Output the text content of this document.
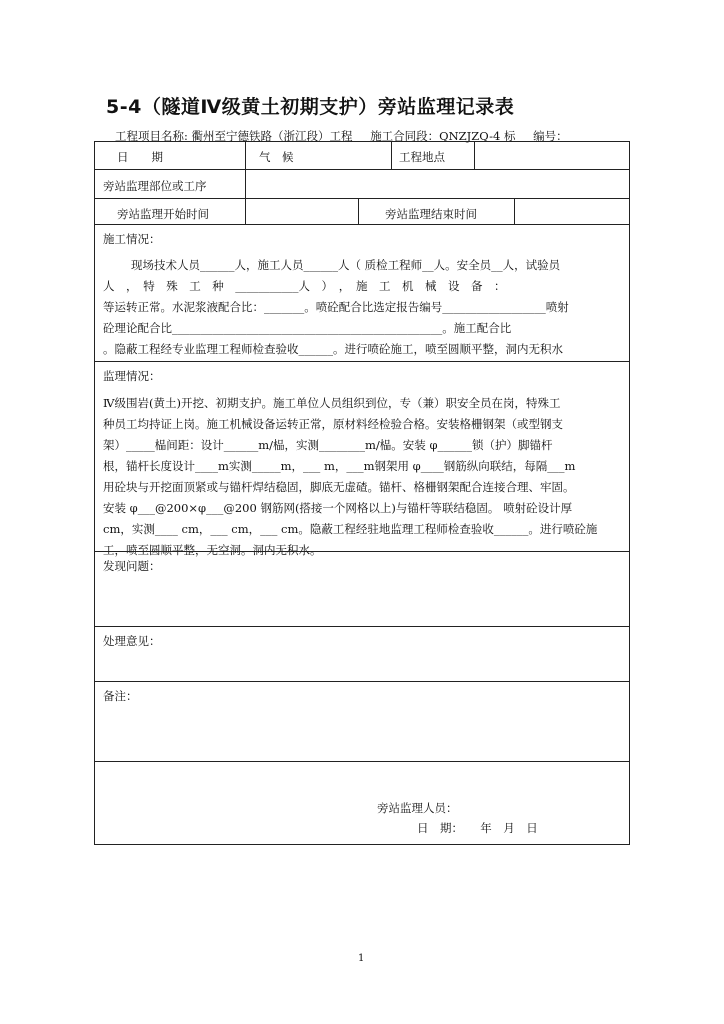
5-4（隧道Ⅳ级黄土初期支护）旁站监理记录表
工程项目名称: 衢州至宁德铁路（浙江段）工程 施工合同段：QNZJZQ-4 标 编号：
日　　期	气　候	工程地点
旁站监理部位或工序
旁站监理开始时间	旁站监理结束时间
施工情况：

现场技术人员______人，施工人员______人（ 质检工程师__人。安全员__人，试验员

人　，　特　殊　工　种　___________人　）　，　施　工　机　械　设　备　：

等运转正常。水泥浆液配合比：_______。喷砼配合比选定报告编号__________________喷射

砼理论配合比_______________________________________________。施工配合比

。隐蔽工程经专业监理工程师检查验收______。进行喷砼施工，喷至圆顺平整，洞内无积水

监理情况：

Ⅳ级围岩(黄土)开挖、初期支护。施工单位人员组织到位，专（兼）职安全员在岗，特殊工

种员工均持证上岗。施工机械设备运转正常，原材料经检验合格。安装格栅钢架（或型钢支

架）_____榀间距：设计______m/榀，实测________m/榀。安装 φ______锁（护）脚锚杆

根，锚杆长度设计____m实测_____m，___ m，___m钢架用 φ____钢筋纵向联结，每隔___m

用砼块与开挖面顶紧或与锚杆焊结稳固，脚底无虚碴。锚杆、格栅钢架配合连接合理、牢固。

安装 φ___@200×φ___@200 钢筋网(搭接一个网格以上)与锚杆等联结稳固。 喷射砼设计厚

cm，实测____ cm，___ cm，___ cm。隐蔽工程经驻地监理工程师检查验收______。进行喷砼施

工，喷至圆顺平整，无空洞。洞内无积水。

发现问题：
处理意见：
备注：
旁站监理人员：
日　期：　　年　月　日
1
